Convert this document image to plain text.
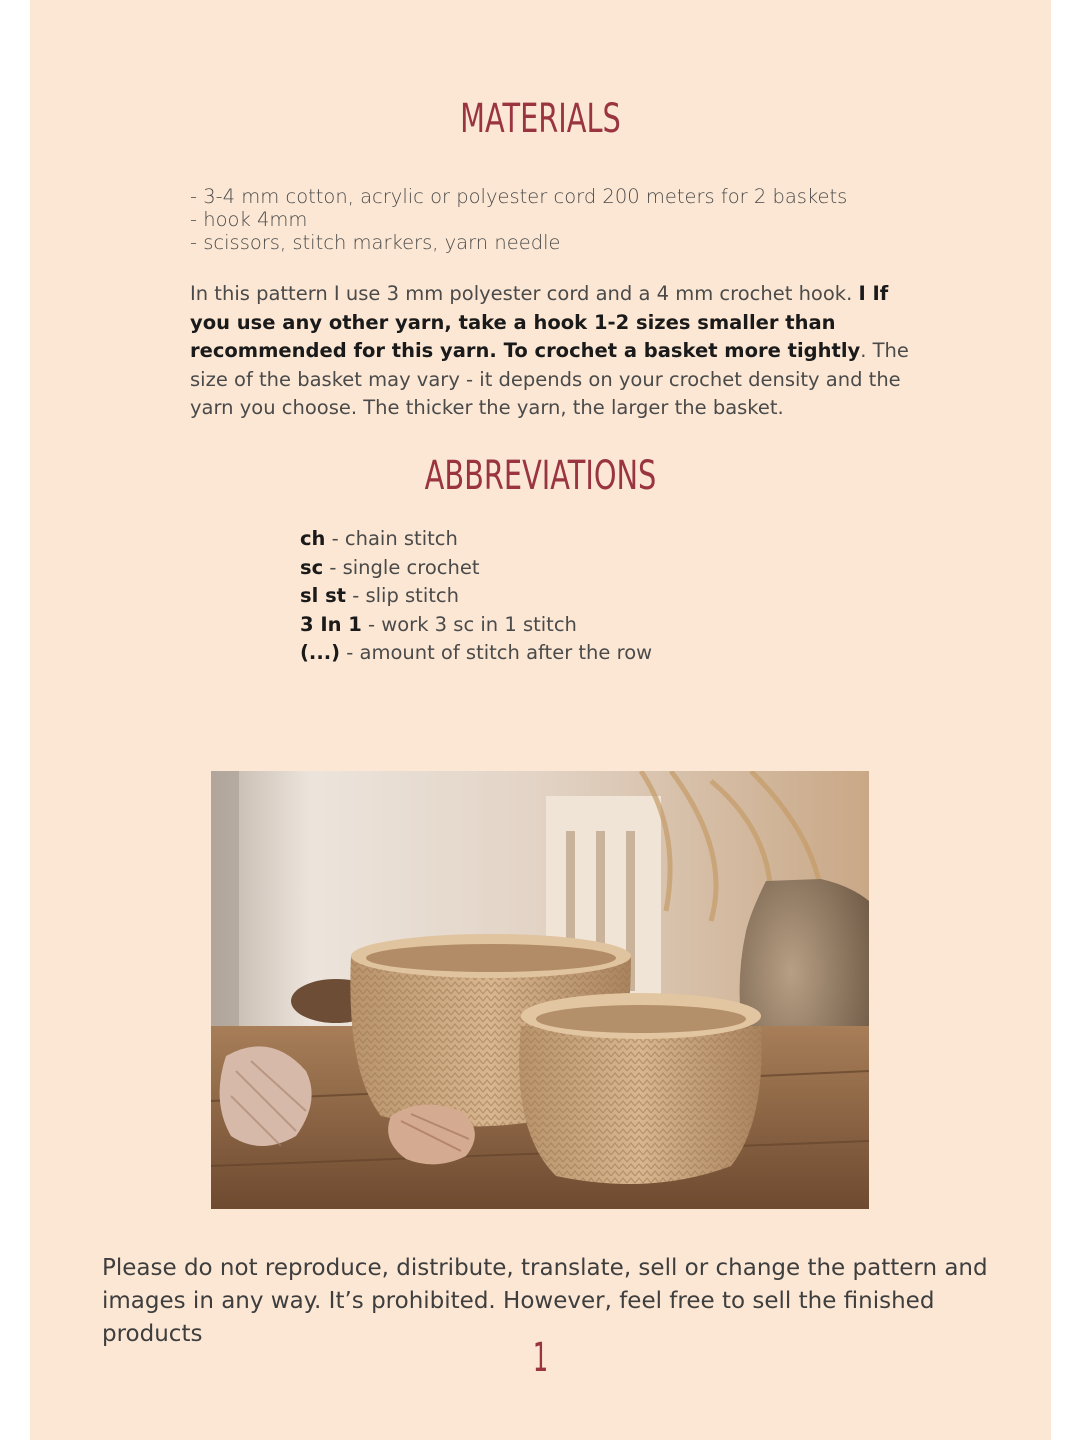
MATERIALS
- 3-4 mm cotton, acrylic or polyester cord 200 meters for 2 baskets
- hook 4mm
- scissors, stitch markers, yarn needle
In this pattern I use 3 mm polyester cord and a 4 mm crochet hook. I If you use any other yarn, take a hook 1-2 sizes smaller than recommended for this yarn. To crochet a basket more tightly. The size of the basket may vary - it depends on your crochet density and the yarn you choose. The thicker the yarn, the larger the basket.
ABBREVIATIONS
ch - chain stitch
sc - single crochet
sl st - slip stitch
3 In 1 - work 3 sc in 1 stitch
(...) - amount of stitch after the row
Please do not reproduce, distribute, translate, sell or change the pattern and images in any way. It’s prohibited. However, feel free to sell the finished products
1
